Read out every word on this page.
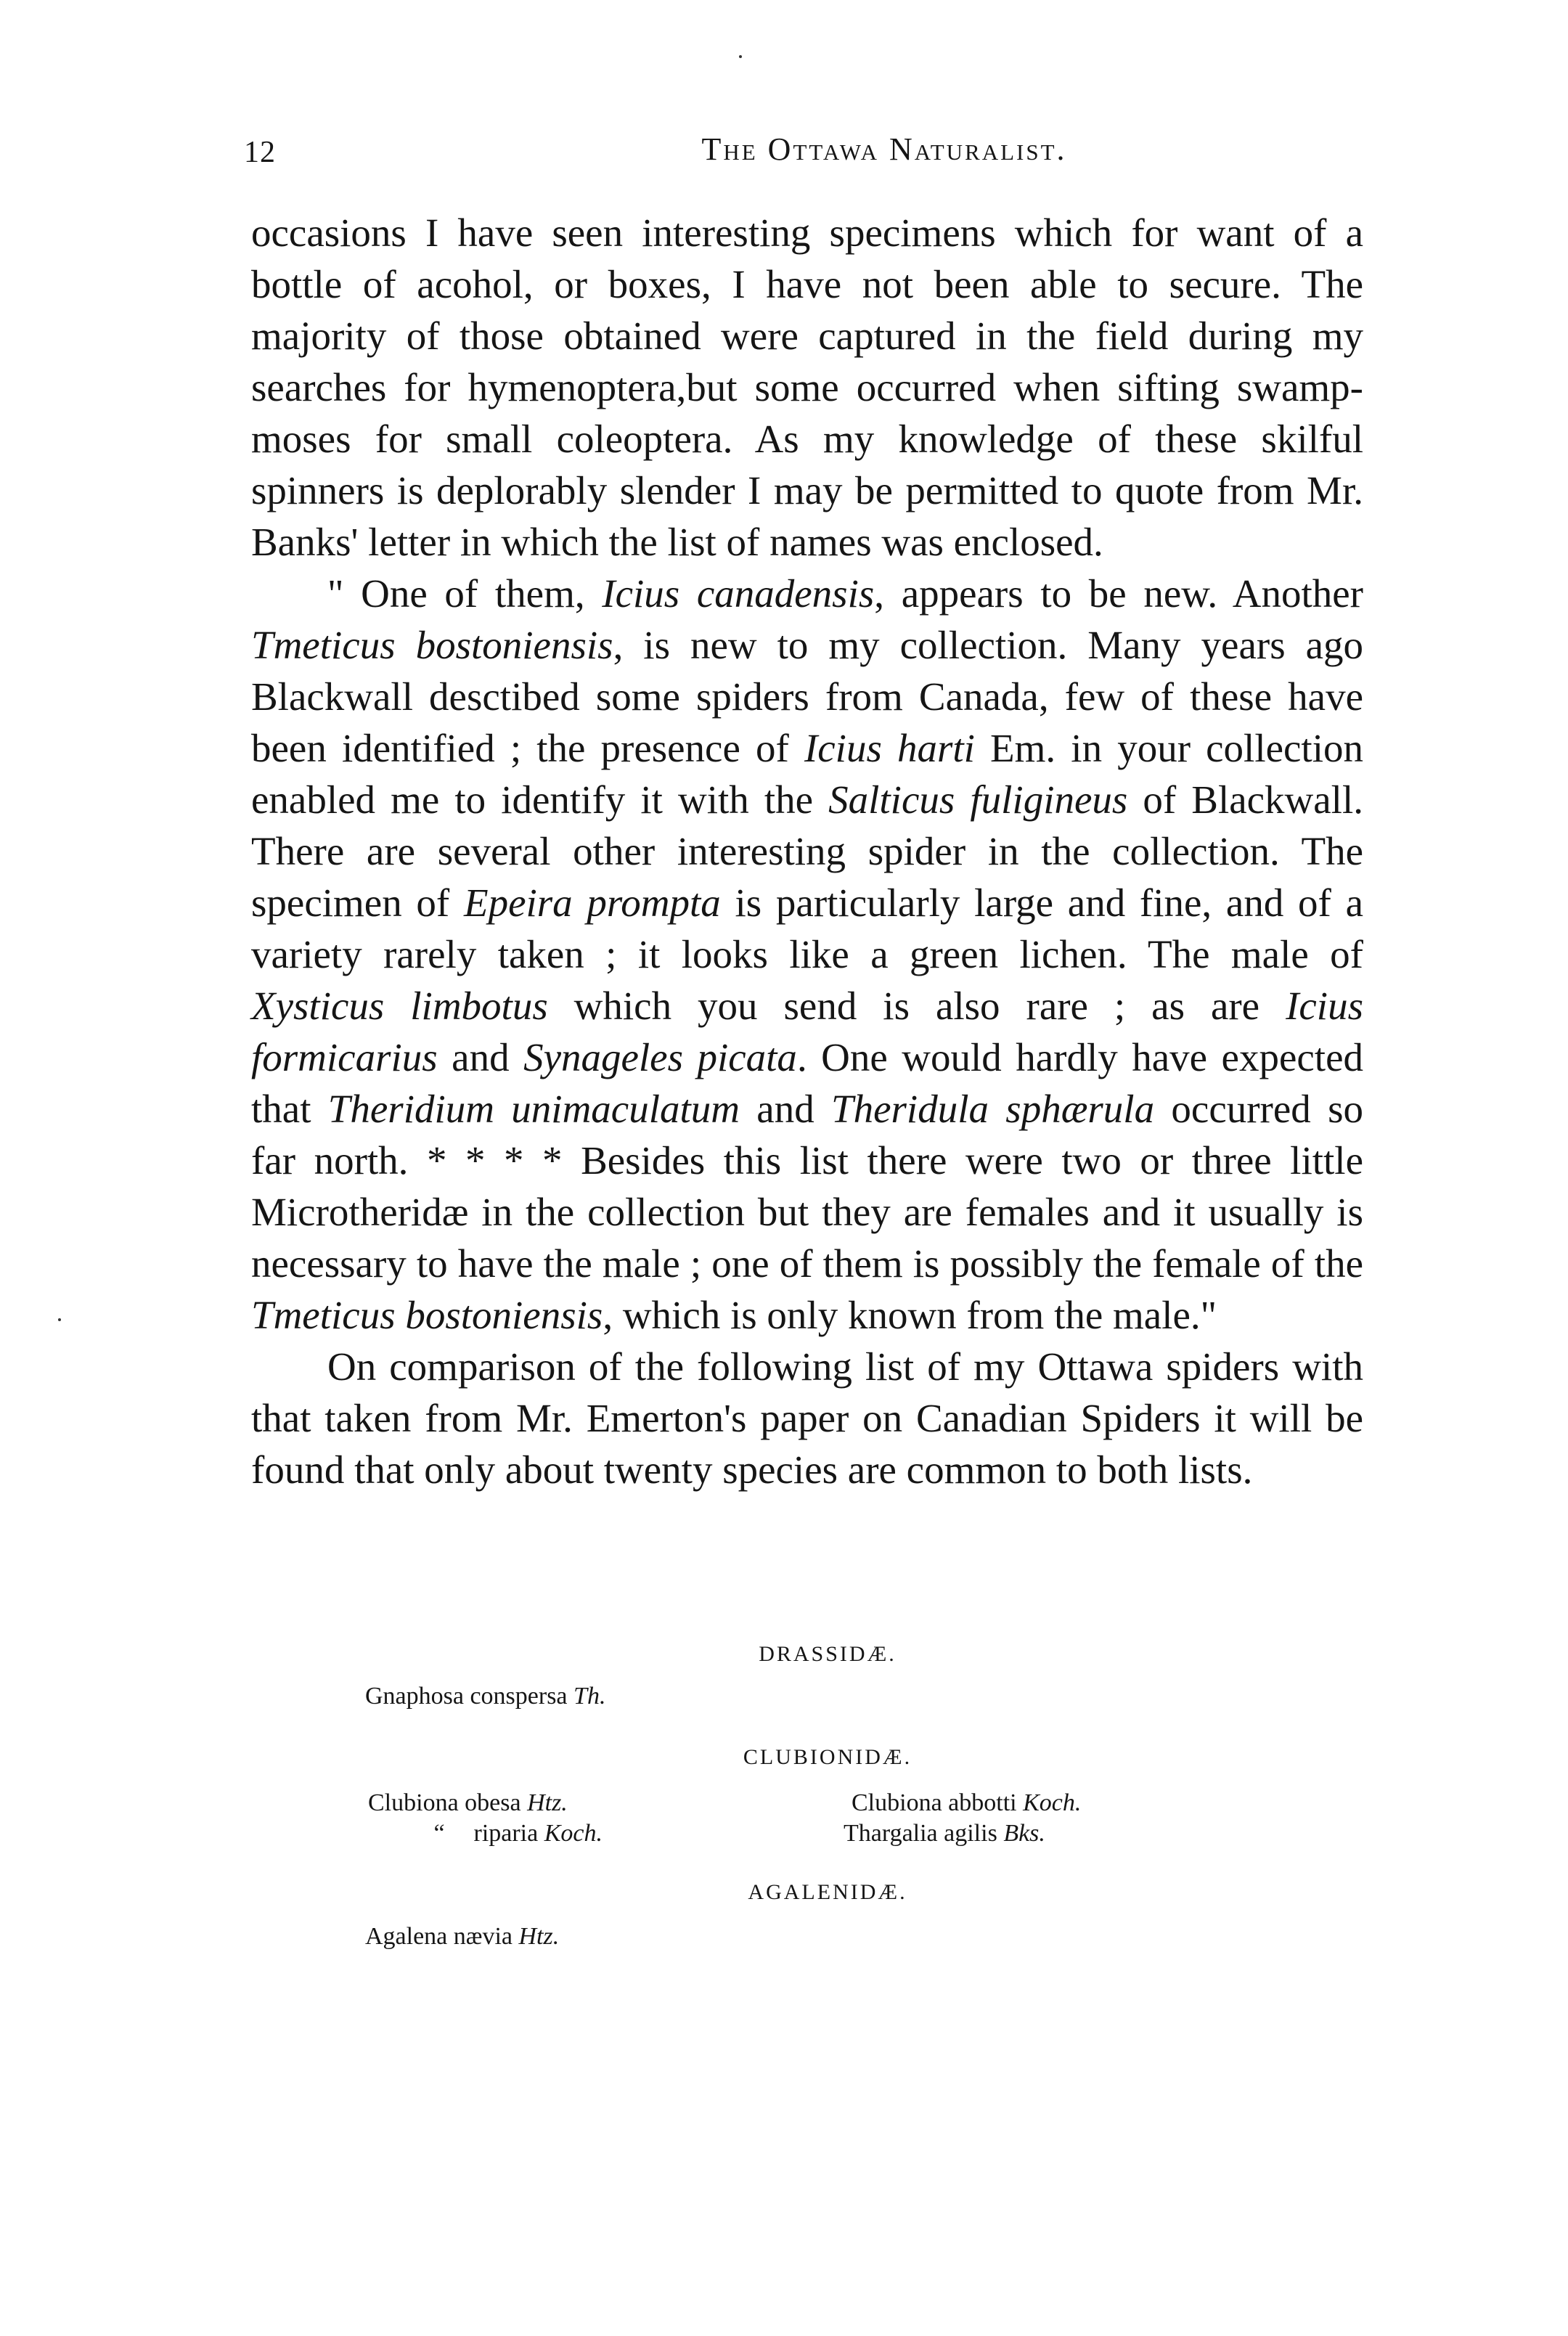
12	The Ottawa Naturalist.

occasions I have seen interesting specimens which for want of a bottle of acohol, or boxes, I have not been able to secure. The majority of those obtained were captured in the field during my searches for hymenoptera,but some occurred when sifting swamp-moses for small coleoptera. As my knowledge of these skilful spinners is deplorably slender I may be permitted to quote from Mr. Banks' letter in which the list of names was enclosed.

" One of them, Icius canadensis, appears to be new. Another Tmeticus bostoniensis, is new to my collection. Many years ago Blackwall desctibed some spiders from Canada, few of these have been identified ; the presence of Icius harti Em. in your collection enabled me to identify it with the Salticus fuligineus of Blackwall. There are several other interesting spider in the collection. The specimen of Epeira prompta is particularly large and fine, and of a variety rarely taken ; it looks like a green lichen. The male of Xysticus limbotus which you send is also rare ; as are Icius formicarius and Synageles picata. One would hardly have expected that Theridium unimaculatum and Theridula sphærula occurred so far north. * * * * Besides this list there were two or three little Microtheridæ in the collection but they are females and it usually is necessary to have the male ; one of them is possibly the female of the Tmeticus bostoniensis, which is only known from the male."

On comparison of the following list of my Ottawa spiders with that taken from Mr. Emerton's paper on Canadian Spiders it will be found that only about twenty species are common to both lists.

DRASSIDÆ.
Gnaphosa conspersa Th.
CLUBIONIDÆ.
Clubiona obesa Htz.
“ riparia Koch.
Clubiona abbotti Koch.
Thargalia agilis Bks.
AGALENIDÆ.
Agalena nævia Htz.
